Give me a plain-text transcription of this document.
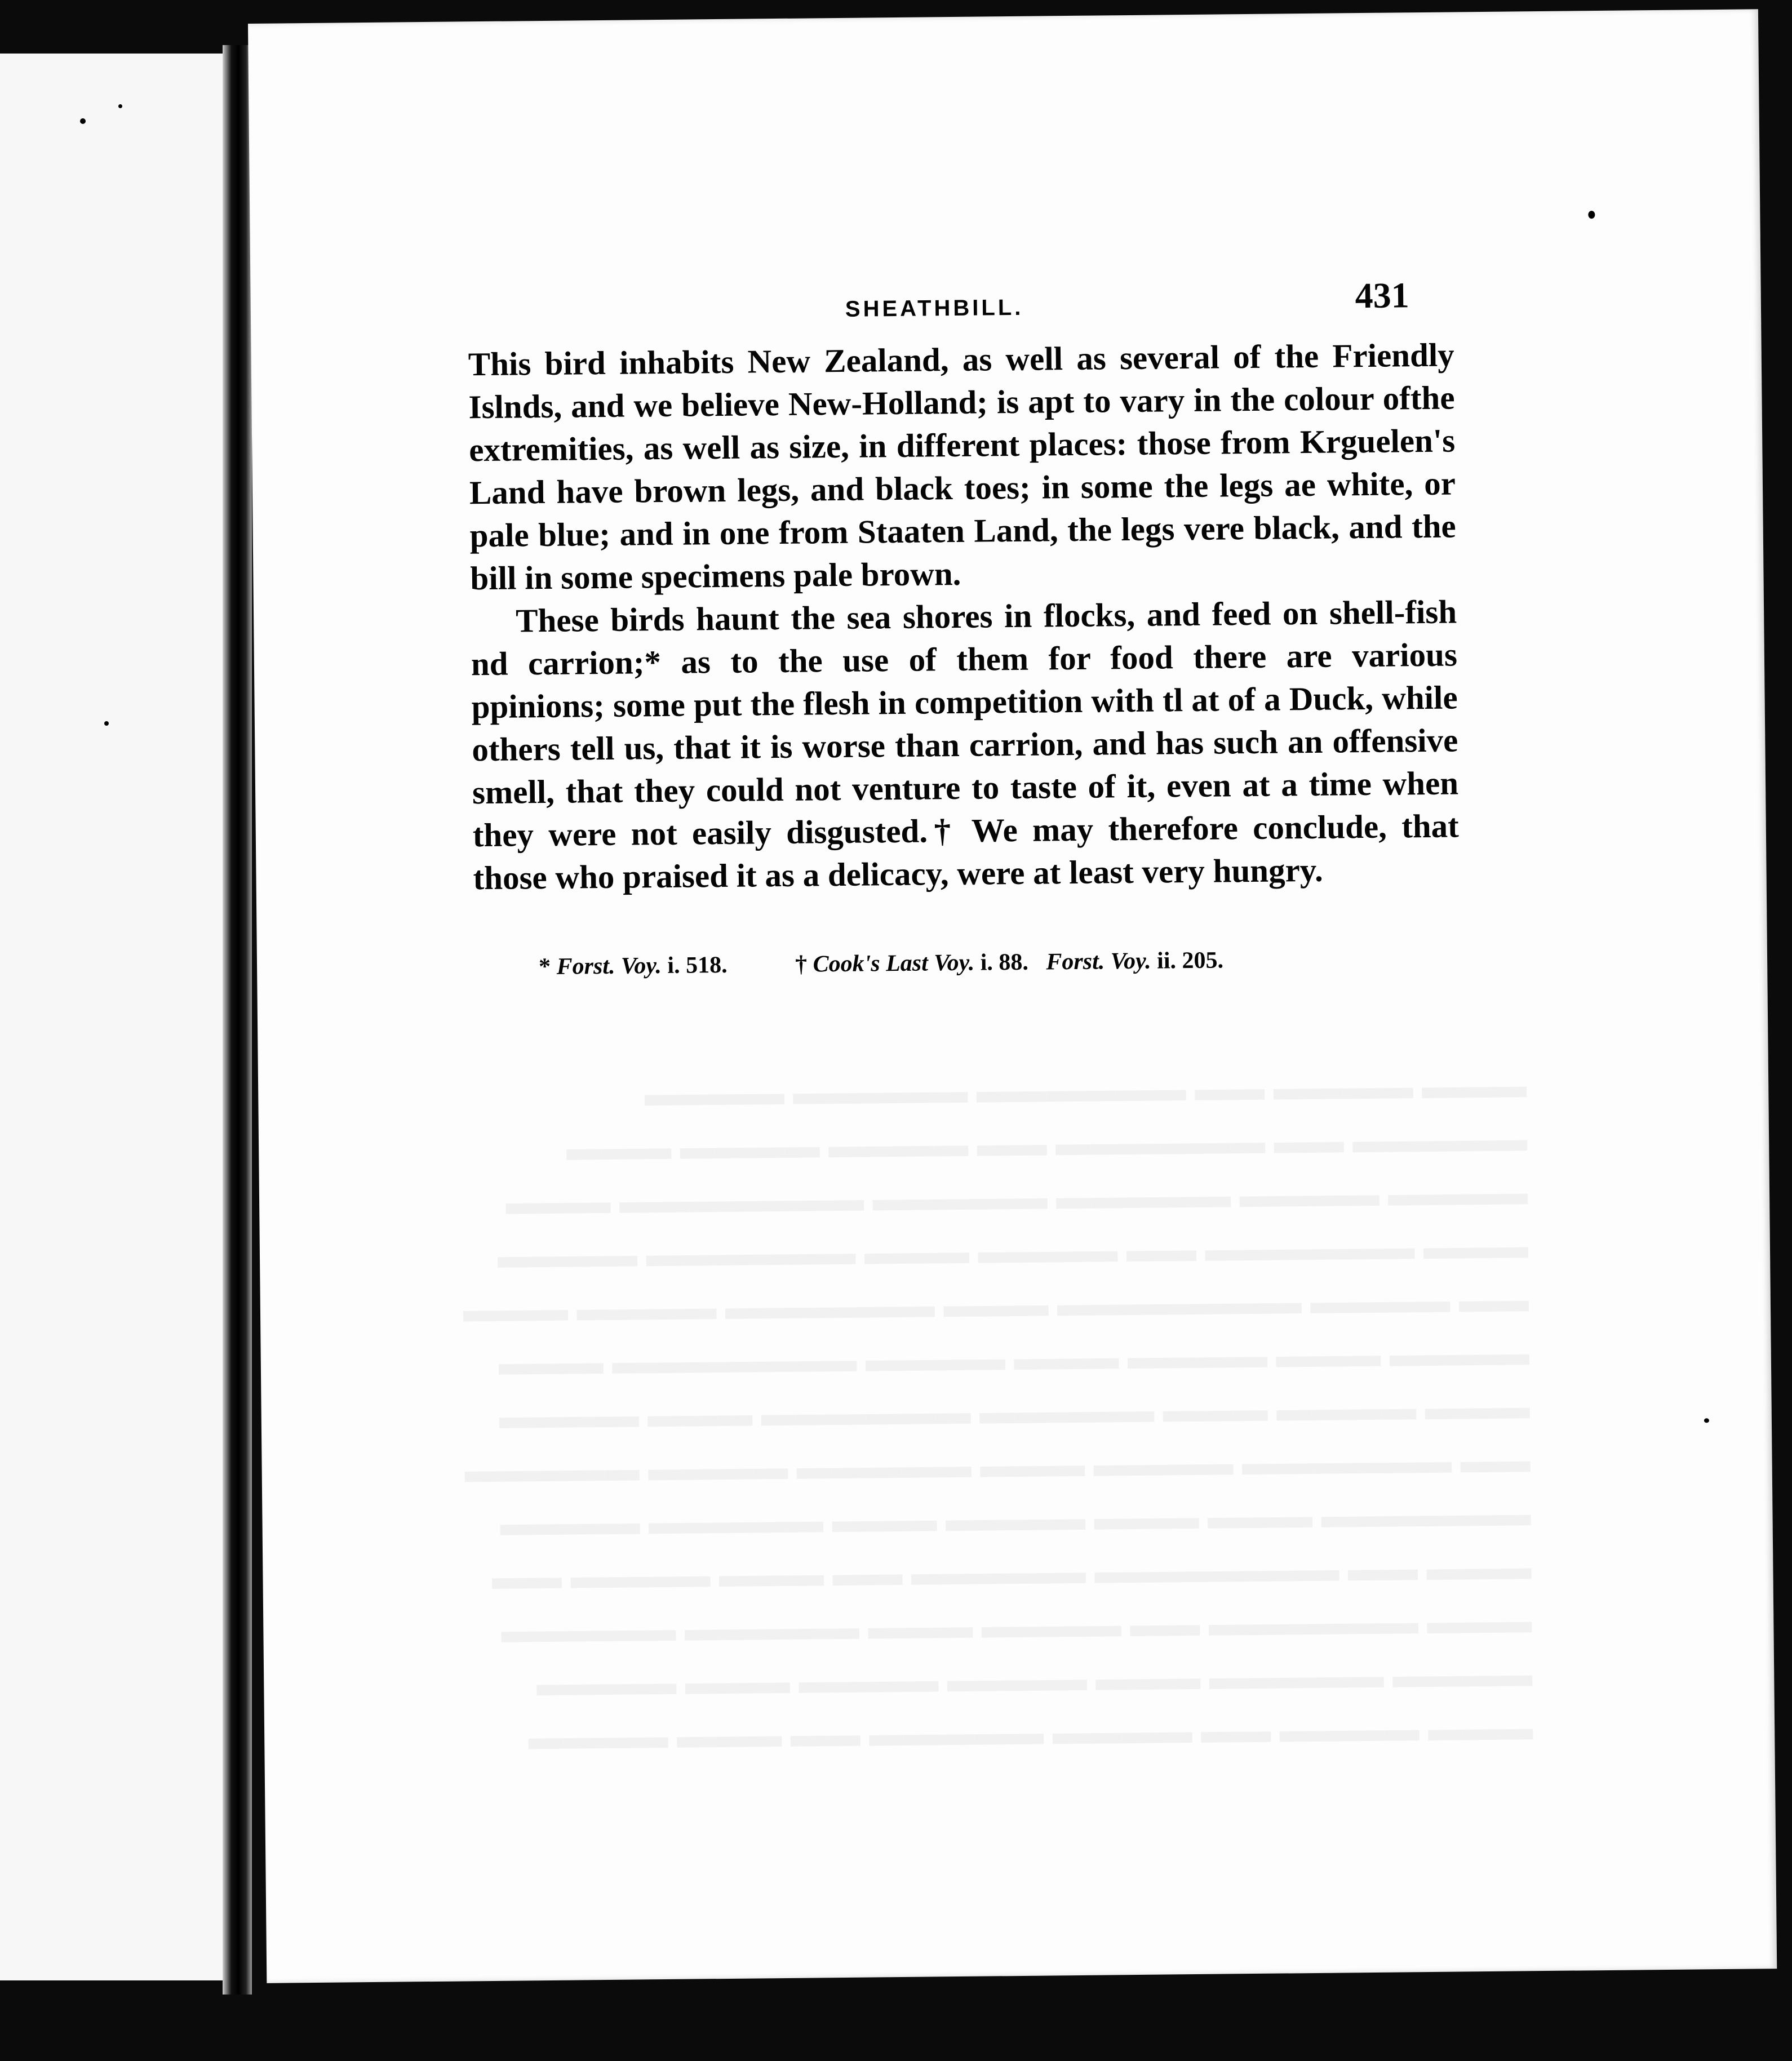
SHEATHBILL.	431

This bird inhabits New Zealand, as well as several of the Friendly Islnds, and we believe New-Holland; is apt to vary in the colour ofthe extremities, as well as size, in different places: those from Krguelen's Land have brown legs, and black toes; in some the legs ae white, or pale blue; and in one from Staaten Land, the legs vere black, and the bill in some specimens pale brown.

These birds haunt the sea shores in flocks, and feed on shell-fish nd carrion;* as to the use of them for food there are various ppinions; some put the flesh in competition with tl at of a Duck, while others tell us, that it is worse than carrion, and has such an offensive smell, that they could not venture to taste of it, even at a time when they were not easily disgusted.† We may therefore conclude, that those who praised it as a delicacy, were at least very hungry.

* Forst. Voy. i. 518.	† Cook's Last Voy. i. 88. Forst. Voy. ii. 205.
